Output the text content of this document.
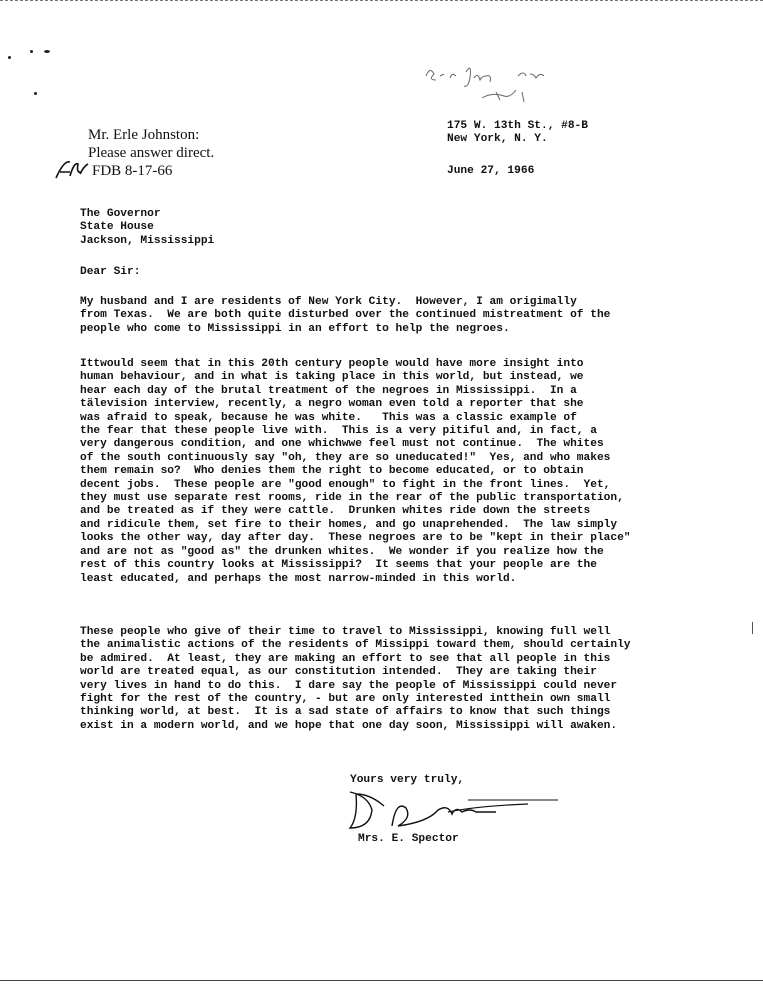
Mr. Erle Johnston:
Please answer direct.
FDB 8-17-66
175 W. 13th St., #8-B
New York, N. Y.
June 27, 1966
The Governor
State House
Jackson, Mississippi
Dear Sir:
My husband and I are residents of New York City.  However, I am origimally
from Texas.  We are both quite disturbed over the continued mistreatment of the
people who come to Mississippi in an effort to help the negroes.
Ittwould seem that in this 20th century people would have more insight into
human behaviour, and in what is taking place in this world, but instead, we
hear each day of the brutal treatment of the negroes in Mississippi.  In a
tälevision interview, recently, a negro woman even told a reporter that she
was afraid to speak, because he was white.   This was a classic example of
the fear that these people live with.  This is a very pitiful and, in fact, a
very dangerous condition, and one whichwwe feel must not continue.  The whites
of the south continuously say "oh, they are so uneducated!"  Yes, and who makes
them remain so?  Who denies them the right to become educated, or to obtain
decent jobs.  These people are "good enough" to fight in the front lines.  Yet,
they must use separate rest rooms, ride in the rear of the public transportation,
and be treated as if they were cattle.  Drunken whites ride down the streets
and ridicule them, set fire to their homes, and go unaprehended.  The law simply
looks the other way, day after day.  These negroes are to be "kept in their place"
and are not as "good as" the drunken whites.  We wonder if you realize how the
rest of this country looks at Mississippi?  It seems that your people are the
least educated, and perhaps the most narrow-minded in this world.
These people who give of their time to travel to Mississippi, knowing full well
the animalistic actions of the residents of Missippi toward them, should certainly
be admired.  At least, they are making an effort to see that all people in this
world are treated equal, as our constitution intended.  They are taking their
very lives in hand to do this.  I dare say the people of Mississippi could never
fight for the rest of the country, - but are only interested intthein own small
thinking world, at best.  It is a sad state of affairs to know that such things
exist in a modern world, and we hope that one day soon, Mississippi will awaken.
Yours very truly,
Mrs. E. Spector
